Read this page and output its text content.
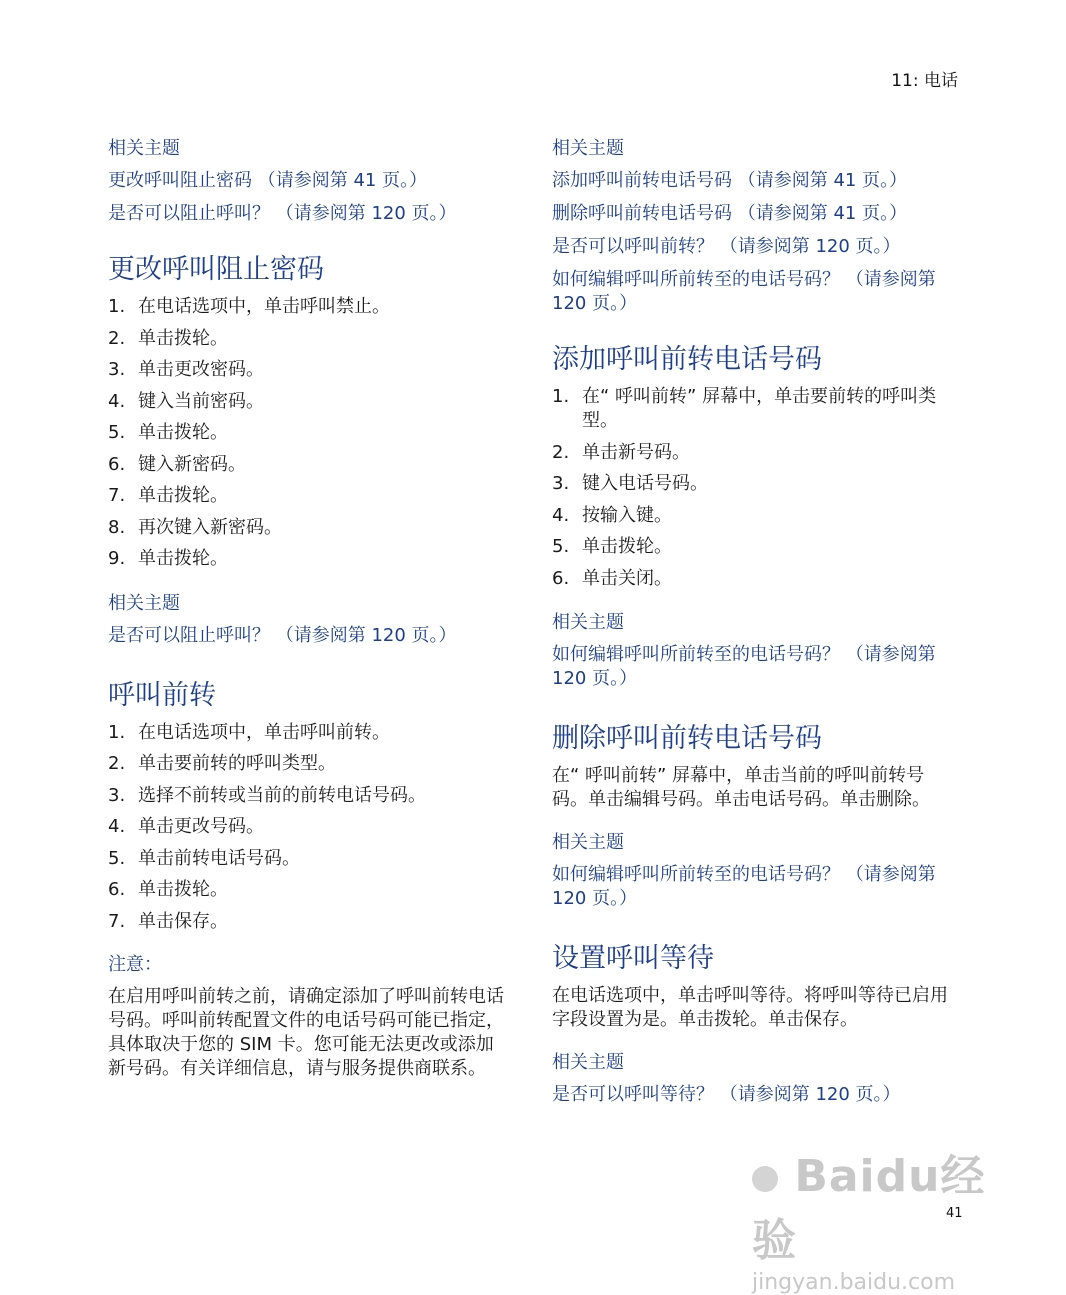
11: 电话
相关主题
更改呼叫阻止密码 （请参阅第 41 页。）
是否可以阻止呼叫？ （请参阅第 120 页。）
更改呼叫阻止密码
1. 在电话选项中，单击呼叫禁止。
2. 单击拨轮。
3. 单击更改密码。
4. 键入当前密码。
5. 单击拨轮。
6. 键入新密码。
7. 单击拨轮。
8. 再次键入新密码。
9. 单击拨轮。
相关主题
是否可以阻止呼叫？ （请参阅第 120 页。）
呼叫前转
1. 在电话选项中，单击呼叫前转。
2. 单击要前转的呼叫类型。
3. 选择不前转或当前的前转电话号码。
4. 单击更改号码。
5. 单击前转电话号码。
6. 单击拨轮。
7. 单击保存。
注意：

在启用呼叫前转之前，请确定添加了呼叫前转电话号码。呼叫前转配置文件的电话号码可能已指定，具体取决于您的 SIM 卡。您可能无法更改或添加新号码。有关详细信息，请与服务提供商联系。

相关主题
添加呼叫前转电话号码 （请参阅第 41 页。）
删除呼叫前转电话号码 （请参阅第 41 页。）
是否可以呼叫前转？ （请参阅第 120 页。）
如何编辑呼叫所前转至的电话号码？ （请参阅第 120 页。）
添加呼叫前转电话号码
1. 在“ 呼叫前转” 屏幕中，单击要前转的呼叫类型。
2. 单击新号码。
3. 键入电话号码。
4. 按输入键。
5. 单击拨轮。
6. 单击关闭。
相关主题
如何编辑呼叫所前转至的电话号码？ （请参阅第 120 页。）
删除呼叫前转电话号码

在“ 呼叫前转” 屏幕中，单击当前的呼叫前转号码。单击编辑号码。单击电话号码。单击删除。

相关主题
如何编辑呼叫所前转至的电话号码？ （请参阅第 120 页。）
设置呼叫等待

在电话选项中，单击呼叫等待。将呼叫等待已启用字段设置为是。单击拨轮。单击保存。

相关主题
是否可以呼叫等待？ （请参阅第 120 页。）
Baidu经验
jingyan.baidu.com
41
